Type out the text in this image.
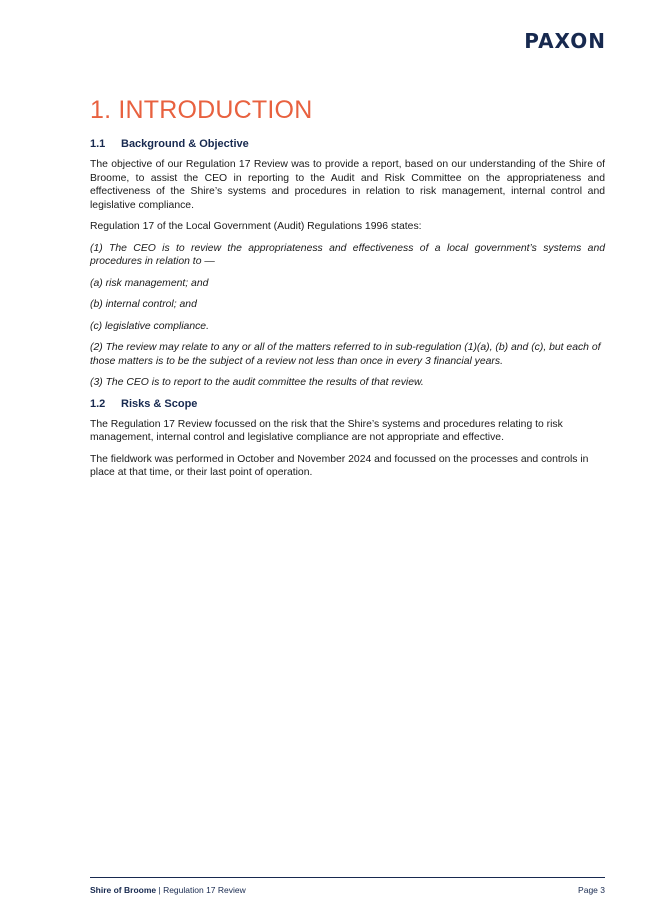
PAXON
1. INTRODUCTION
1.1 Background & Objective

The objective of our Regulation 17 Review was to provide a report, based on our understanding of the Shire of Broome, to assist the CEO in reporting to the Audit and Risk Committee on the appropriateness and effectiveness of the Shire’s systems and procedures in relation to risk management, internal control and legislative compliance.

Regulation 17 of the Local Government (Audit) Regulations 1996 states:

(1) The CEO is to review the appropriateness and effectiveness of a local government’s systems and procedures in relation to —

(a) risk management; and

(b) internal control; and

(c) legislative compliance.

(2) The review may relate to any or all of the matters referred to in sub-regulation (1)(a), (b) and (c), but each of those matters is to be the subject of a review not less than once in every 3 financial years.

(3) The CEO is to report to the audit committee the results of that review.

1.2 Risks & Scope

The Regulation 17 Review focussed on the risk that the Shire’s systems and procedures relating to risk management, internal control and legislative compliance are not appropriate and effective.

The fieldwork was performed in October and November 2024 and focussed on the processes and controls in place at that time, or their last point of operation.

Shire of Broome | Regulation 17 Review	Page 3
